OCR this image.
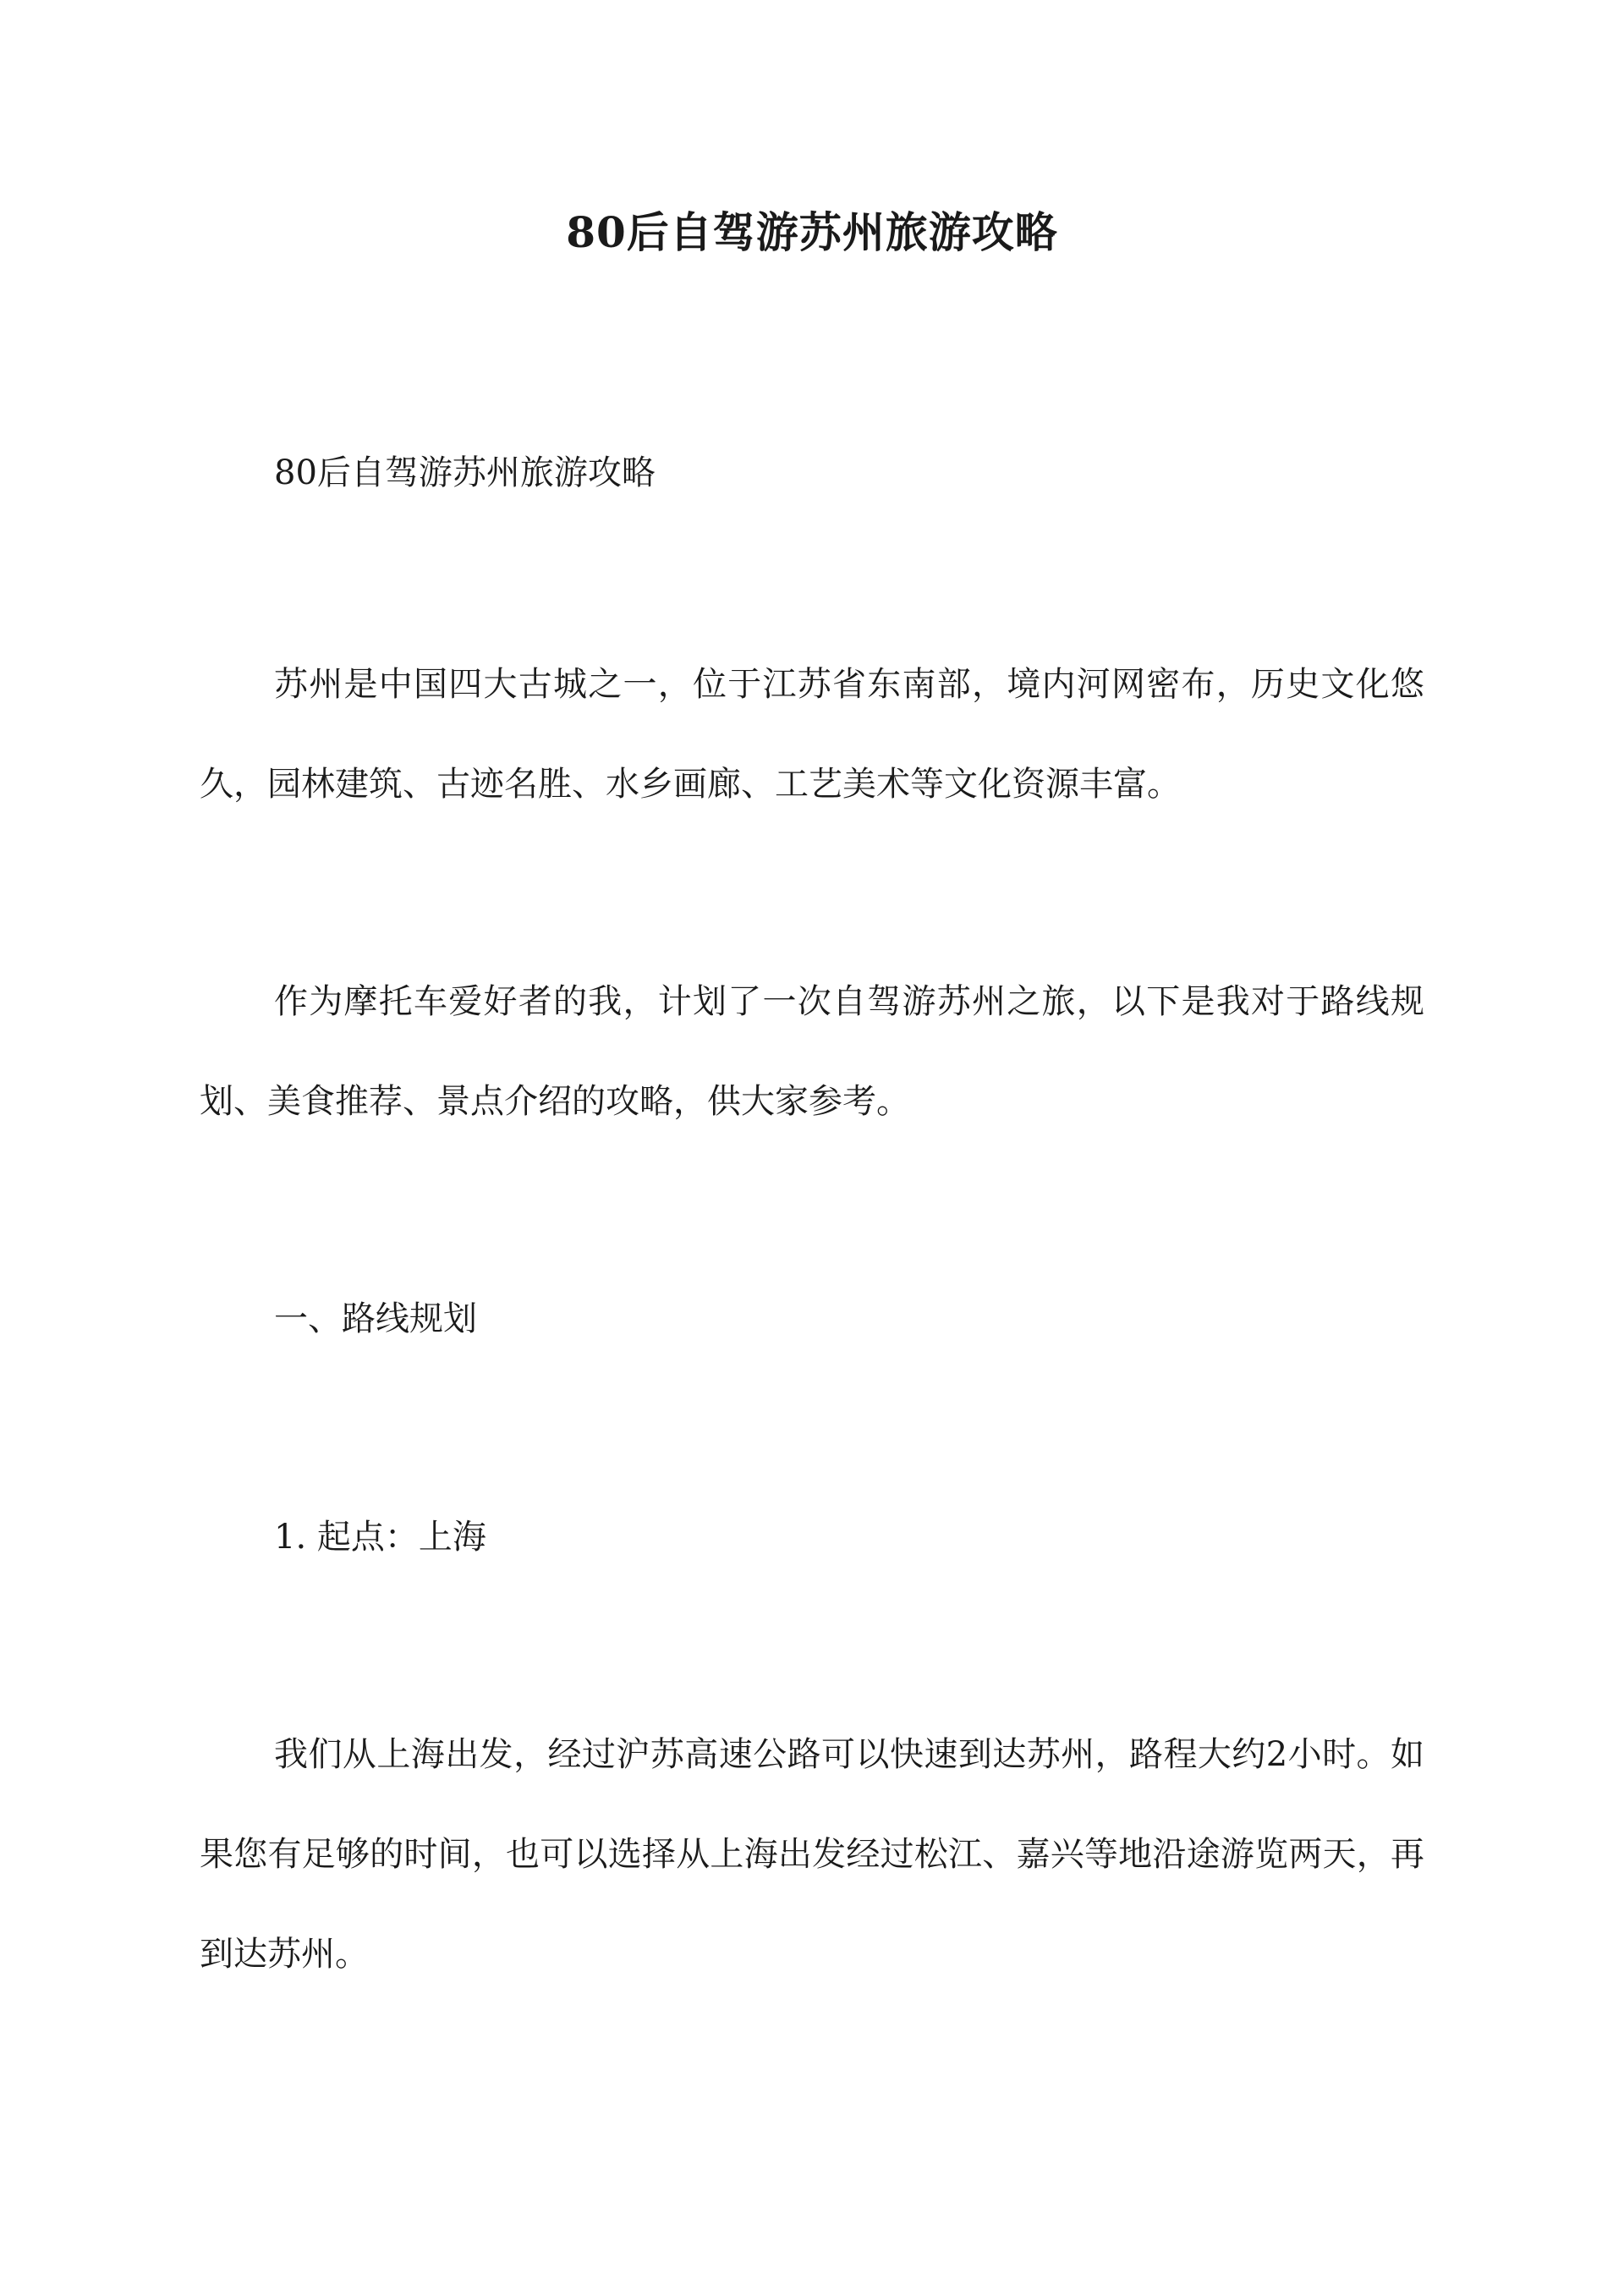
80后自驾游苏州旅游攻略

80后自驾游苏州旅游攻略

苏州是中国四大古城之一，位于江苏省东南部，境内河网密布，历史文化悠久，园林建筑、古迹名胜、水乡画廊、工艺美术等文化资源丰富。

作为摩托车爱好者的我，计划了一次自驾游苏州之旅，以下是我对于路线规划、美食推荐、景点介绍的攻略，供大家参考。

一、路线规划

1. 起点：上海

我们从上海出发，经过沪苏高速公路可以快速到达苏州，路程大约2小时。如果您有足够的时间，也可以选择从上海出发经过松江、嘉兴等地沿途游览两天，再到达苏州。
